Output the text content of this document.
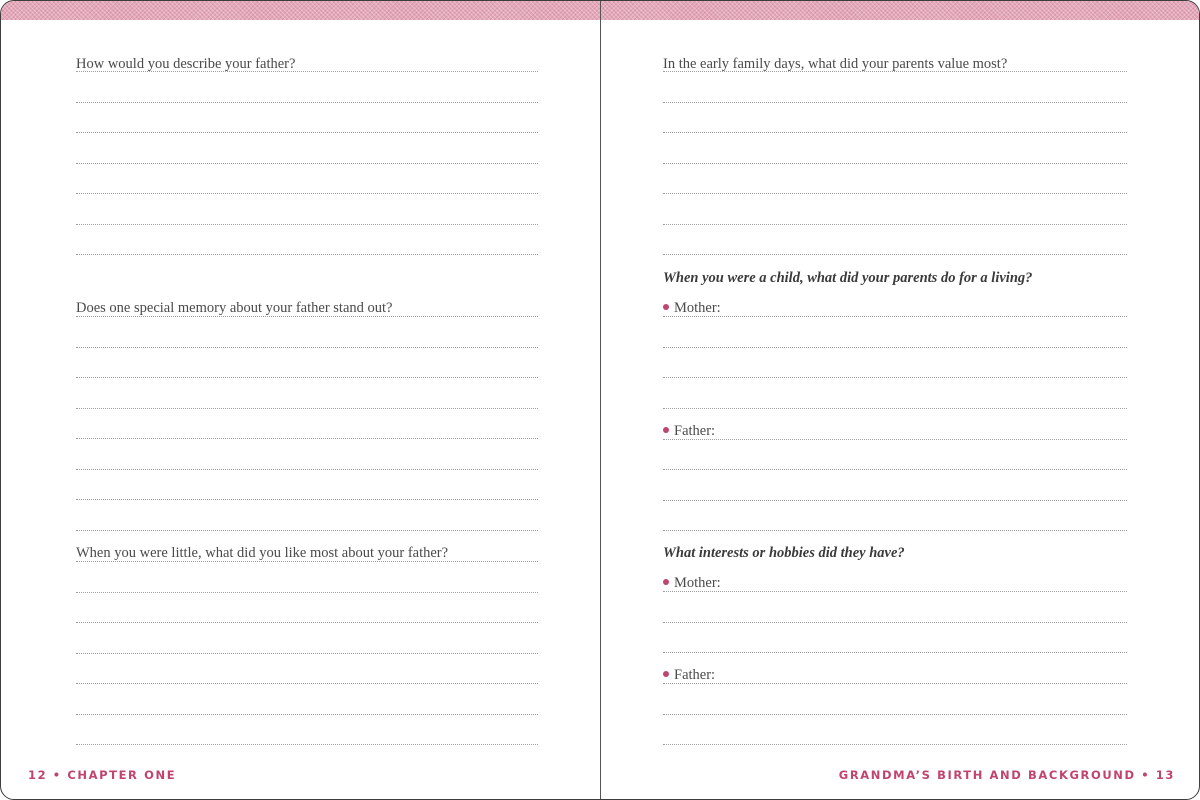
How would you describe your father?
Does one special memory about your father stand out?
When you were little, what did you like most about your father?
12 • CHAPTER ONE
In the early family days, what did your parents value most?
When you were a child, what did your parents do for a living?
Mother:
Father:
What interests or hobbies did they have?
Mother:
Father:
GRANDMA’S BIRTH AND BACKGROUND • 13
